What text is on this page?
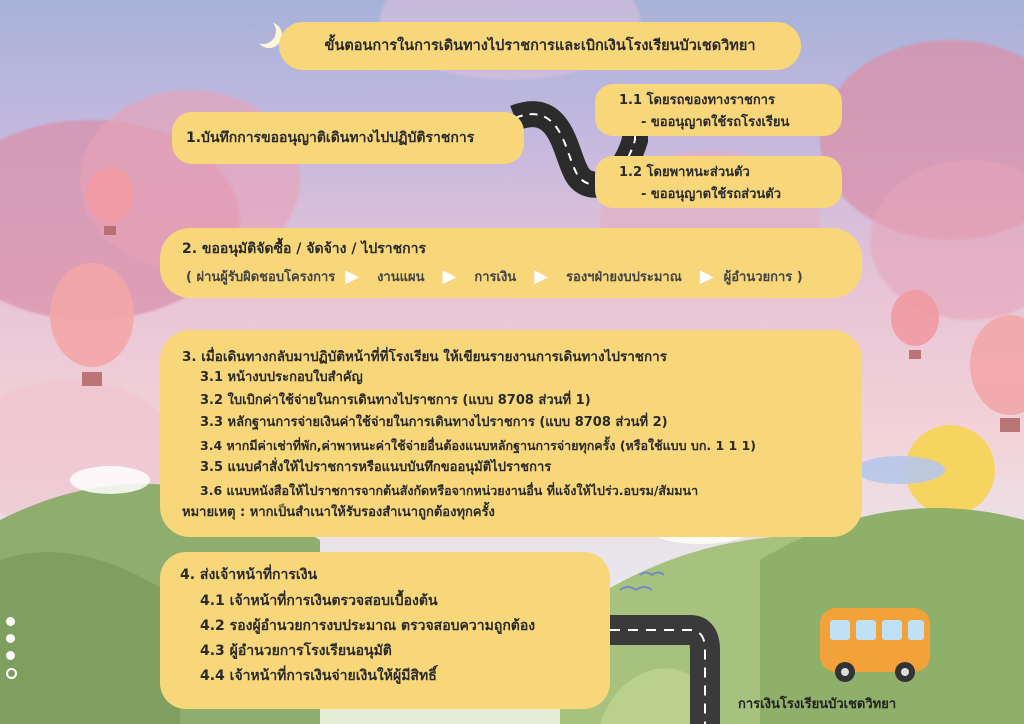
ขั้นตอนการในการเดินทางไปราชการและเบิกเงินโรงเรียนบัวเชดวิทยา
1.บันทึกการขออนุญาติเดินทางไปปฏิบัติราชการ
1.1 โดยรถของทางราชการ
- ขออนุญาตใช้รถโรงเรียน
1.2 โดยพาหนะส่วนตัว
- ขออนุญาตใช้รถส่วนตัว
2. ขออนุมัติจัดซื้อ / จัดจ้าง / ไปราชการ
( ผ่านผู้รับผิดชอบโครงการ ▶ งานแผน ▶ การเงิน ▶ รองฯฝ่ายงบประมาณ ▶ ผู้อำนวยการ )
3. เมื่อเดินทางกลับมาปฏิบัติหน้าที่ที่โรงเรียน ให้เขียนรายงานการเดินทางไปราชการ
3.1 หน้างบประกอบใบสำคัญ
3.2 ใบเบิกค่าใช้จ่ายในการเดินทางไปราชการ (แบบ 8708 ส่วนที่ 1)
3.3 หลักฐานการจ่ายเงินค่าใช้จ่ายในการเดินทางไปราชการ (แบบ 8708 ส่วนที่ 2)
3.4 หากมีค่าเช่าที่พัก,ค่าพาหนะค่าใช้จ่ายอื่นต้องแนบหลักฐานการจ่ายทุกครั้ง (หรือใช้แบบ บก. 1 1 1)
3.5 แนบคำสั่งให้ไปราชการหรือแนบบันทึกขออนุมัติไปราชการ
3.6 แนบหนังสือให้ไปราชการจากต้นสังกัดหรือจากหน่วยงานอื่น ที่แจ้งให้ไปร่ว.อบรม/สัมมนา
หมายเหตุ : หากเป็นสำเนาให้รับรองสำเนาถูกต้องทุกครั้ง
4. ส่งเจ้าหน้าที่การเงิน
4.1 เจ้าหน้าที่การเงินตรวจสอบเบื้องต้น
4.2 รองผู้อำนวยการงบประมาณ ตรวจสอบความถูกต้อง
4.3 ผู้อำนวยการโรงเรียนอนุมัติ
4.4 เจ้าหน้าที่การเงินจ่ายเงินให้ผู้มีสิทธิ์
การเงินโรงเรียนบัวเชดวิทยา
